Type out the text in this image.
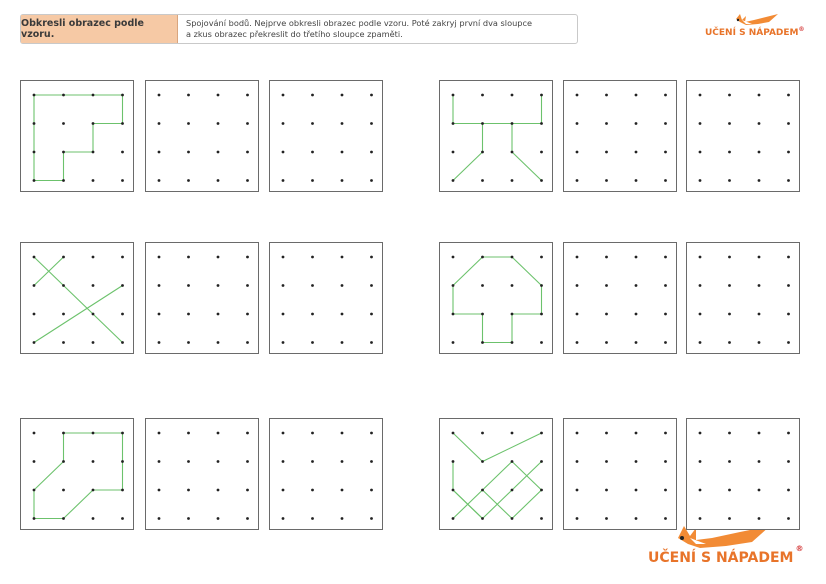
Obkresli obrazec podle vzoru.
Spojování bodů. Nejprve obkresli obrazec podle vzoru. Poté zakryj první dva sloupce
a zkus obrazec překreslit do třetího sloupce zpaměti.	UČENÍ S NÁPADEM ®
UČENÍ S NÁPADEM
®
